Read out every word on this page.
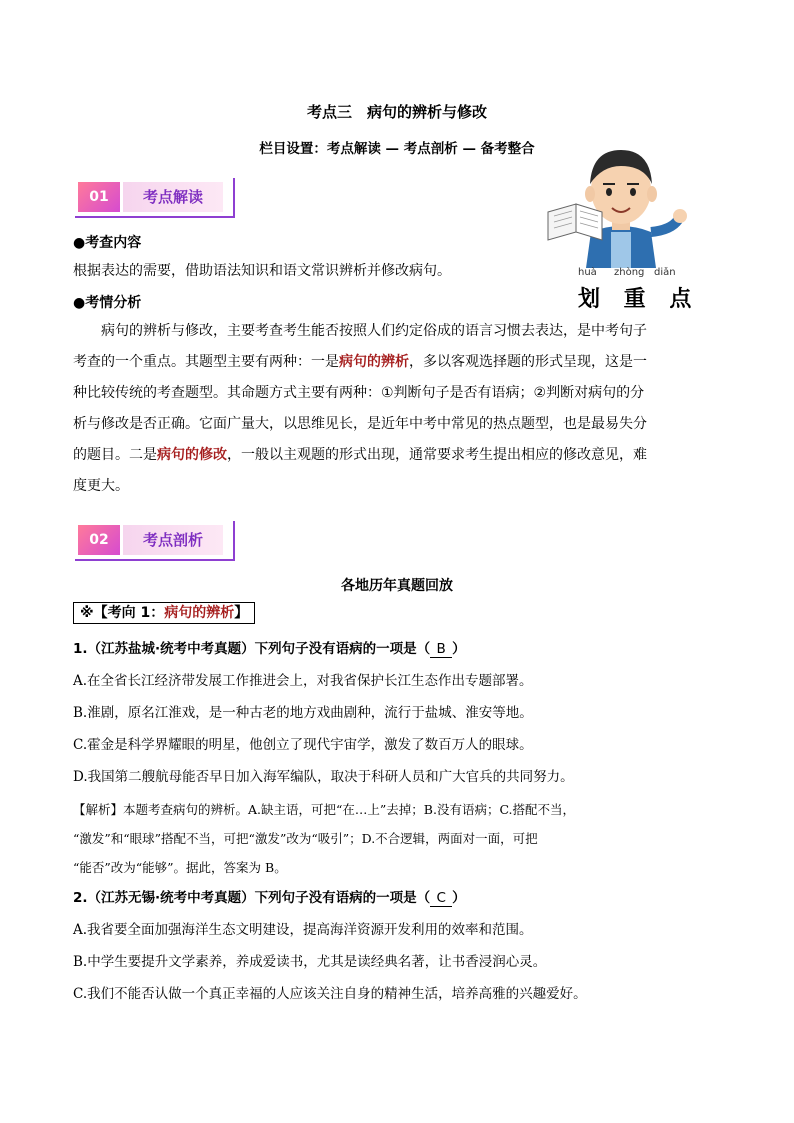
考点三　病句的辨析与修改
栏目设置：考点解读 — 考点剖析 — 备考整合
huà zhòng diǎn
划 重 点
01	考点解读
●考查内容
根据表达的需要，借助语法知识和语文常识辨析并修改病句。
●考情分析
病句的辨析与修改，主要考查考生能否按照人们约定俗成的语言习惯去表达，是中考句子
考查的一个重点。其题型主要有两种：一是病句的辨析，多以客观选择题的形式呈现，这是一
种比较传统的考查题型。其命题方式主要有两种：①判断句子是否有语病；②判断对病句的分
析与修改是否正确。它面广量大，以思维见长，是近年中考中常见的热点题型，也是最易失分
的题目。二是病句的修改，一般以主观题的形式出现，通常要求考生提出相应的修改意见，难
度更大。
02	考点剖析
各地历年真题回放
※【考向 1：病句的辨析】
1.（江苏盐城·统考中考真题）下列句子没有语病的一项是（ B ）
A.在全省长江经济带发展工作推进会上，对我省保护长江生态作出专题部署。
B.淮剧，原名江淮戏，是一种古老的地方戏曲剧种，流行于盐城、淮安等地。
C.霍金是科学界耀眼的明星，他创立了现代宇宙学，激发了数百万人的眼球。
D.我国第二艘航母能否早日加入海军编队，取决于科研人员和广大官兵的共同努力。
【解析】本题考查病句的辨析。A.缺主语，可把“在…上”去掉；B.没有语病；C.搭配不当，
“激发”和“眼球”搭配不当，可把“激发”改为“吸引”；D.不合逻辑，两面对一面，可把
“能否”改为“能够”。据此，答案为 B。
2.（江苏无锡·统考中考真题）下列句子没有语病的一项是（ C ）
A.我省要全面加强海洋生态文明建设，提高海洋资源开发利用的效率和范围。
B.中学生要提升文学素养，养成爱读书，尤其是读经典名著，让书香浸润心灵。
C.我们不能否认做一个真正幸福的人应该关注自身的精神生活，培养高雅的兴趣爱好。
